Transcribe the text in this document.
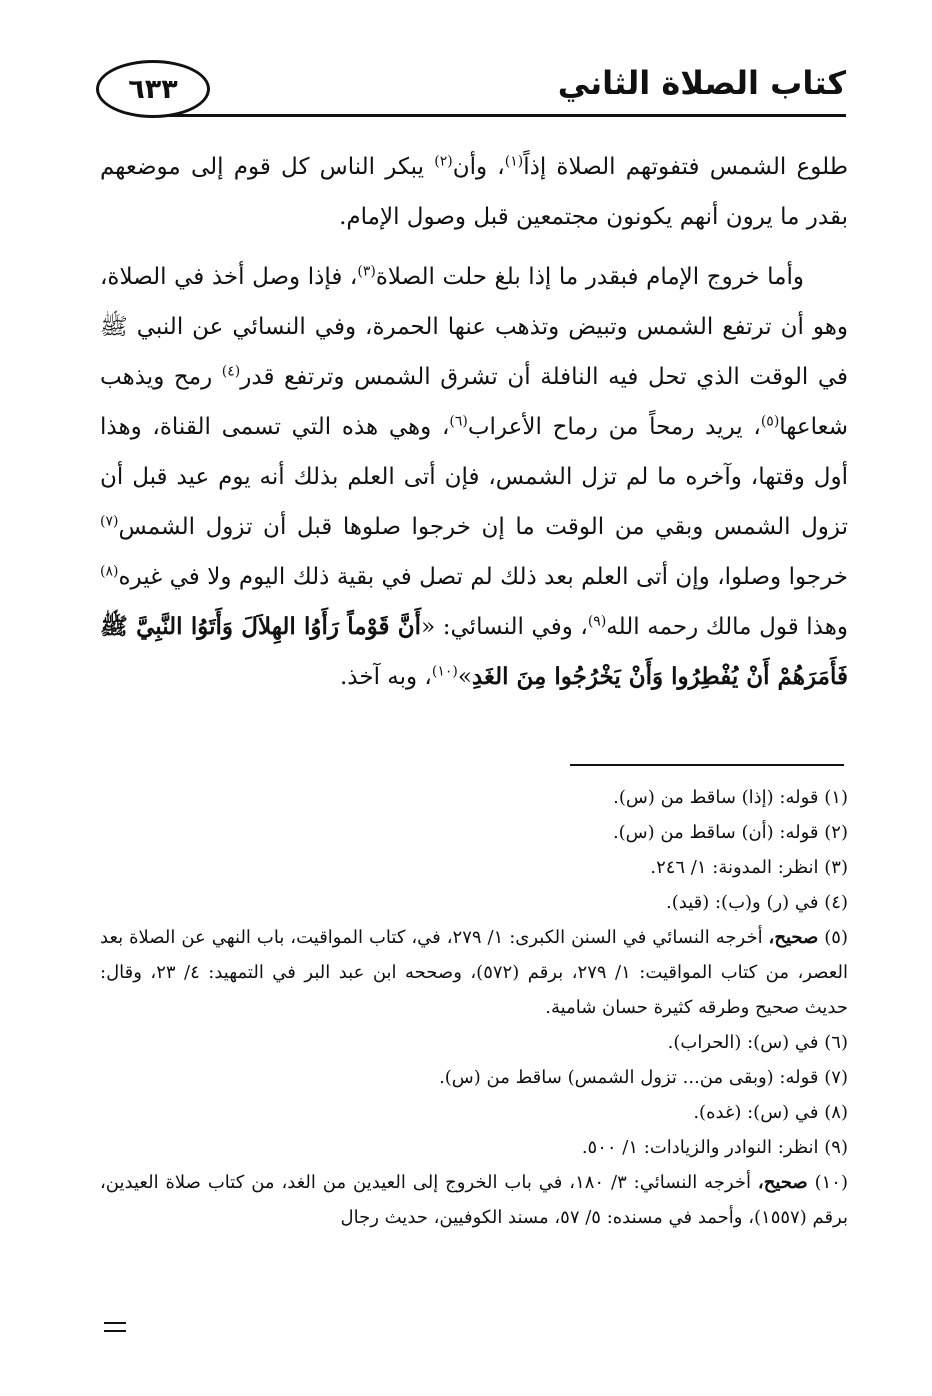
٦٣٣	كتاب الصلاة الثاني

طلوع الشمس فتفوتهم الصلاة إذاً$^{(١)}$، وأن$^{(٢)}$ يبكر الناس كل قوم إلى موضعهم بقدر ما يرون أنهم يكونون مجتمعين قبل وصول الإمام.

وأما خروج الإمام فبقدر ما إذا بلغ حلت الصلاة$^{(٣)}$، فإذا وصل أخذ في الصلاة، وهو أن ترتفع الشمس وتبيض وتذهب عنها الحمرة، وفي النسائي عن النبي ﷺ في الوقت الذي تحل فيه النافلة أن تشرق الشمس وترتفع قدر$^{(٤)}$ رمح ويذهب شعاعها$^{(٥)}$، يريد رمحاً من رماح الأعراب$^{(٦)}$، وهي هذه التي تسمى القناة، وهذا أول وقتها، وآخره ما لم تزل الشمس، فإن أتى العلم بذلك أنه يوم عيد قبل أن تزول الشمس وبقي من الوقت ما إن خرجوا صلوها قبل أن تزول الشمس$^{(٧)}$ خرجوا وصلوا، وإن أتى العلم بعد ذلك لم تصل في بقية ذلك اليوم ولا في غيره$^{(٨)}$ وهذا قول مالك رحمه الله$^{(٩)}$، وفي النسائي: «أَنَّ قَوْماً رَأَوُا الهِلاَلَ وَأَتَوُا النَّبِيَّ ﷺ فَأَمَرَهُمْ أَنْ يُفْطِرُوا وَأَنْ يَخْرُجُوا مِنَ الغَدِ»$^{(١٠)}$، وبه آخذ.

(١) قوله: (إذا) ساقط من (س).

(٢) قوله: (أن) ساقط من (س).

(٣) انظر: المدونة: ١/ ٢٤٦.

(٤) في (ر) و(ب): (قيد).

(٥) صحيح، أخرجه النسائي في السنن الكبرى: ١/ ٢٧٩، في، كتاب المواقيت، باب النهي عن الصلاة بعد العصر، من كتاب المواقيت: ١/ ٢٧٩، برقم (٥٧٢)، وصححه ابن عبد البر في التمهيد: ٤/ ٢٣، وقال: حديث صحيح وطرقه كثيرة حسان شامية.

(٦) في (س): (الحراب).

(٧) قوله: (وبقى من... تزول الشمس) ساقط من (س).

(٨) في (س): (غده).

(٩) انظر: النوادر والزيادات: ١/ ٥٠٠.

(١٠) صحيح، أخرجه النسائي: ٣/ ١٨٠، في باب الخروج إلى العيدين من الغد، من كتاب صلاة العيدين، برقم (١٥٥٧)، وأحمد في مسنده: ٥/ ٥٧، مسند الكوفيين، حديث رجال
